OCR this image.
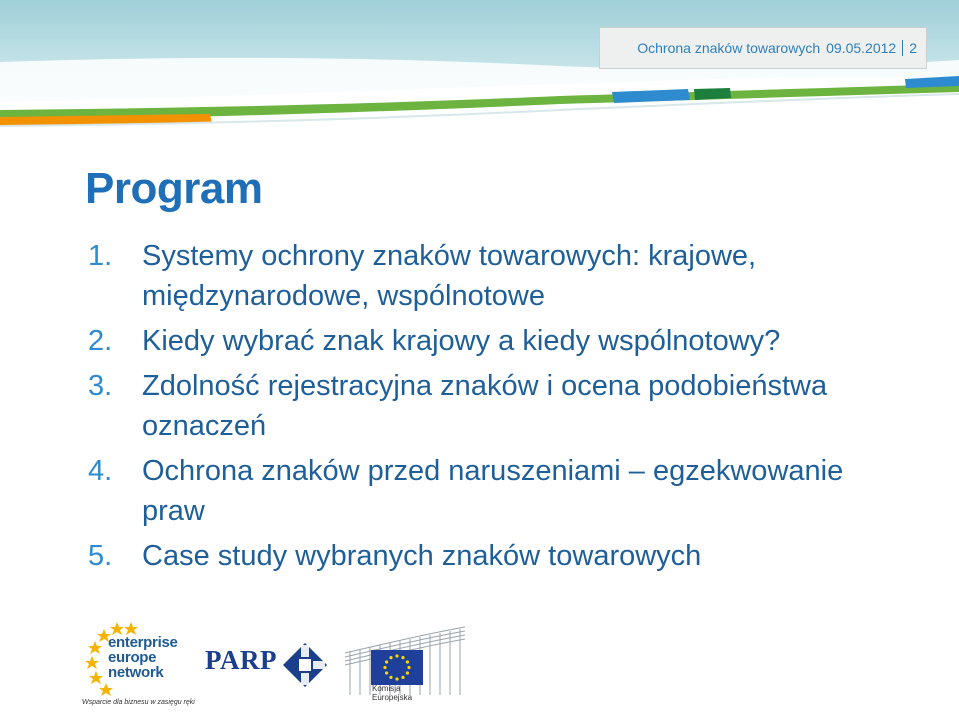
Ochrona znaków towarowych 09.05.2012 2
Program
1.	Systemy ochrony znaków towarowych: krajowe, międzynarodowe, wspólnotowe
2.	Kiedy wybrać znak krajowy a kiedy wspólnotowy?
3.	Zdolność rejestracyjna znaków i ocena podobieństwa oznaczeń
4.	Ochrona znaków przed naruszeniami – egzekwowanie praw
5.	Case study wybranych znaków towarowych
enterprise
europe
network
Wsparcie dla biznesu w zasięgu ręki
PARP
Komisja
Europejska
